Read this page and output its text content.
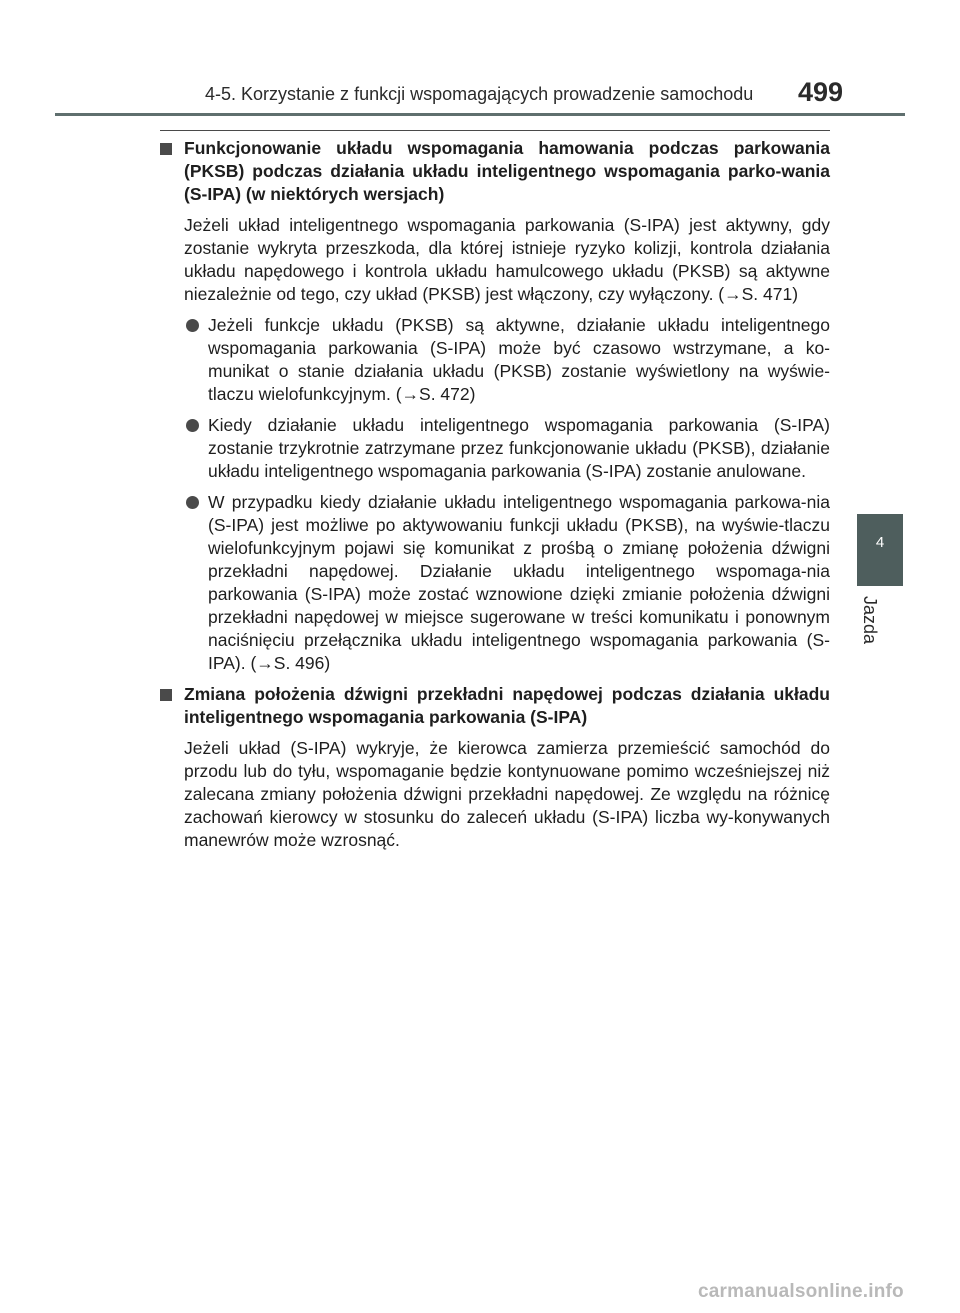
4-5. Korzystanie z funkcji wspomagających prowadzenie samochodu 499
4
Jazda
Funkcjonowanie układu wspomagania hamowania podczas parkowania (PKSB) podczas działania układu inteligentnego wspomagania parko-wania (S-IPA) (w niektórych wersjach)
Jeżeli układ inteligentnego wspomagania parkowania (S-IPA) jest aktywny, gdy zostanie wykryta przeszkoda, dla której istnieje ryzyko kolizji, kontrola działania układu napędowego i kontrola układu hamulcowego układu (PKSB) są aktywne niezależnie od tego, czy układ (PKSB) jest włączony, czy wyłączony. (→S. 471)
Jeżeli funkcje układu (PKSB) są aktywne, działanie układu inteligentnego wspomagania parkowania (S-IPA) może być czasowo wstrzymane, a ko-munikat o stanie działania układu (PKSB) zostanie wyświetlony na wyświe-tlaczu wielofunkcyjnym. (→S. 472)
Kiedy działanie układu inteligentnego wspomagania parkowania (S-IPA) zostanie trzykrotnie zatrzymane przez funkcjonowanie układu (PKSB), działanie układu inteligentnego wspomagania parkowania (S-IPA) zostanie anulowane.
W przypadku kiedy działanie układu inteligentnego wspomagania parkowa-nia (S-IPA) jest możliwe po aktywowaniu funkcji układu (PKSB), na wyświe-tlaczu wielofunkcyjnym pojawi się komunikat z prośbą o zmianę położenia dźwigni przekładni napędowej. Działanie układu inteligentnego wspomaga-nia parkowania (S-IPA) może zostać wznowione dzięki zmianie położenia dźwigni przekładni napędowej w miejsce sugerowane w treści komunikatu i ponownym naciśnięciu przełącznika układu inteligentnego wspomagania parkowania (S-IPA). (→S. 496)
Zmiana położenia dźwigni przekładni napędowej podczas działania układu inteligentnego wspomagania parkowania (S-IPA)
Jeżeli układ (S-IPA) wykryje, że kierowca zamierza przemieścić samochód do przodu lub do tyłu, wspomaganie będzie kontynuowane pomimo wcześniejszej niż zalecana zmiany położenia dźwigni przekładni napędowej. Ze względu na różnicę zachowań kierowcy w stosunku do zaleceń układu (S-IPA) liczba wy-konywanych manewrów może wzrosnąć.
carmanualsonline.info
